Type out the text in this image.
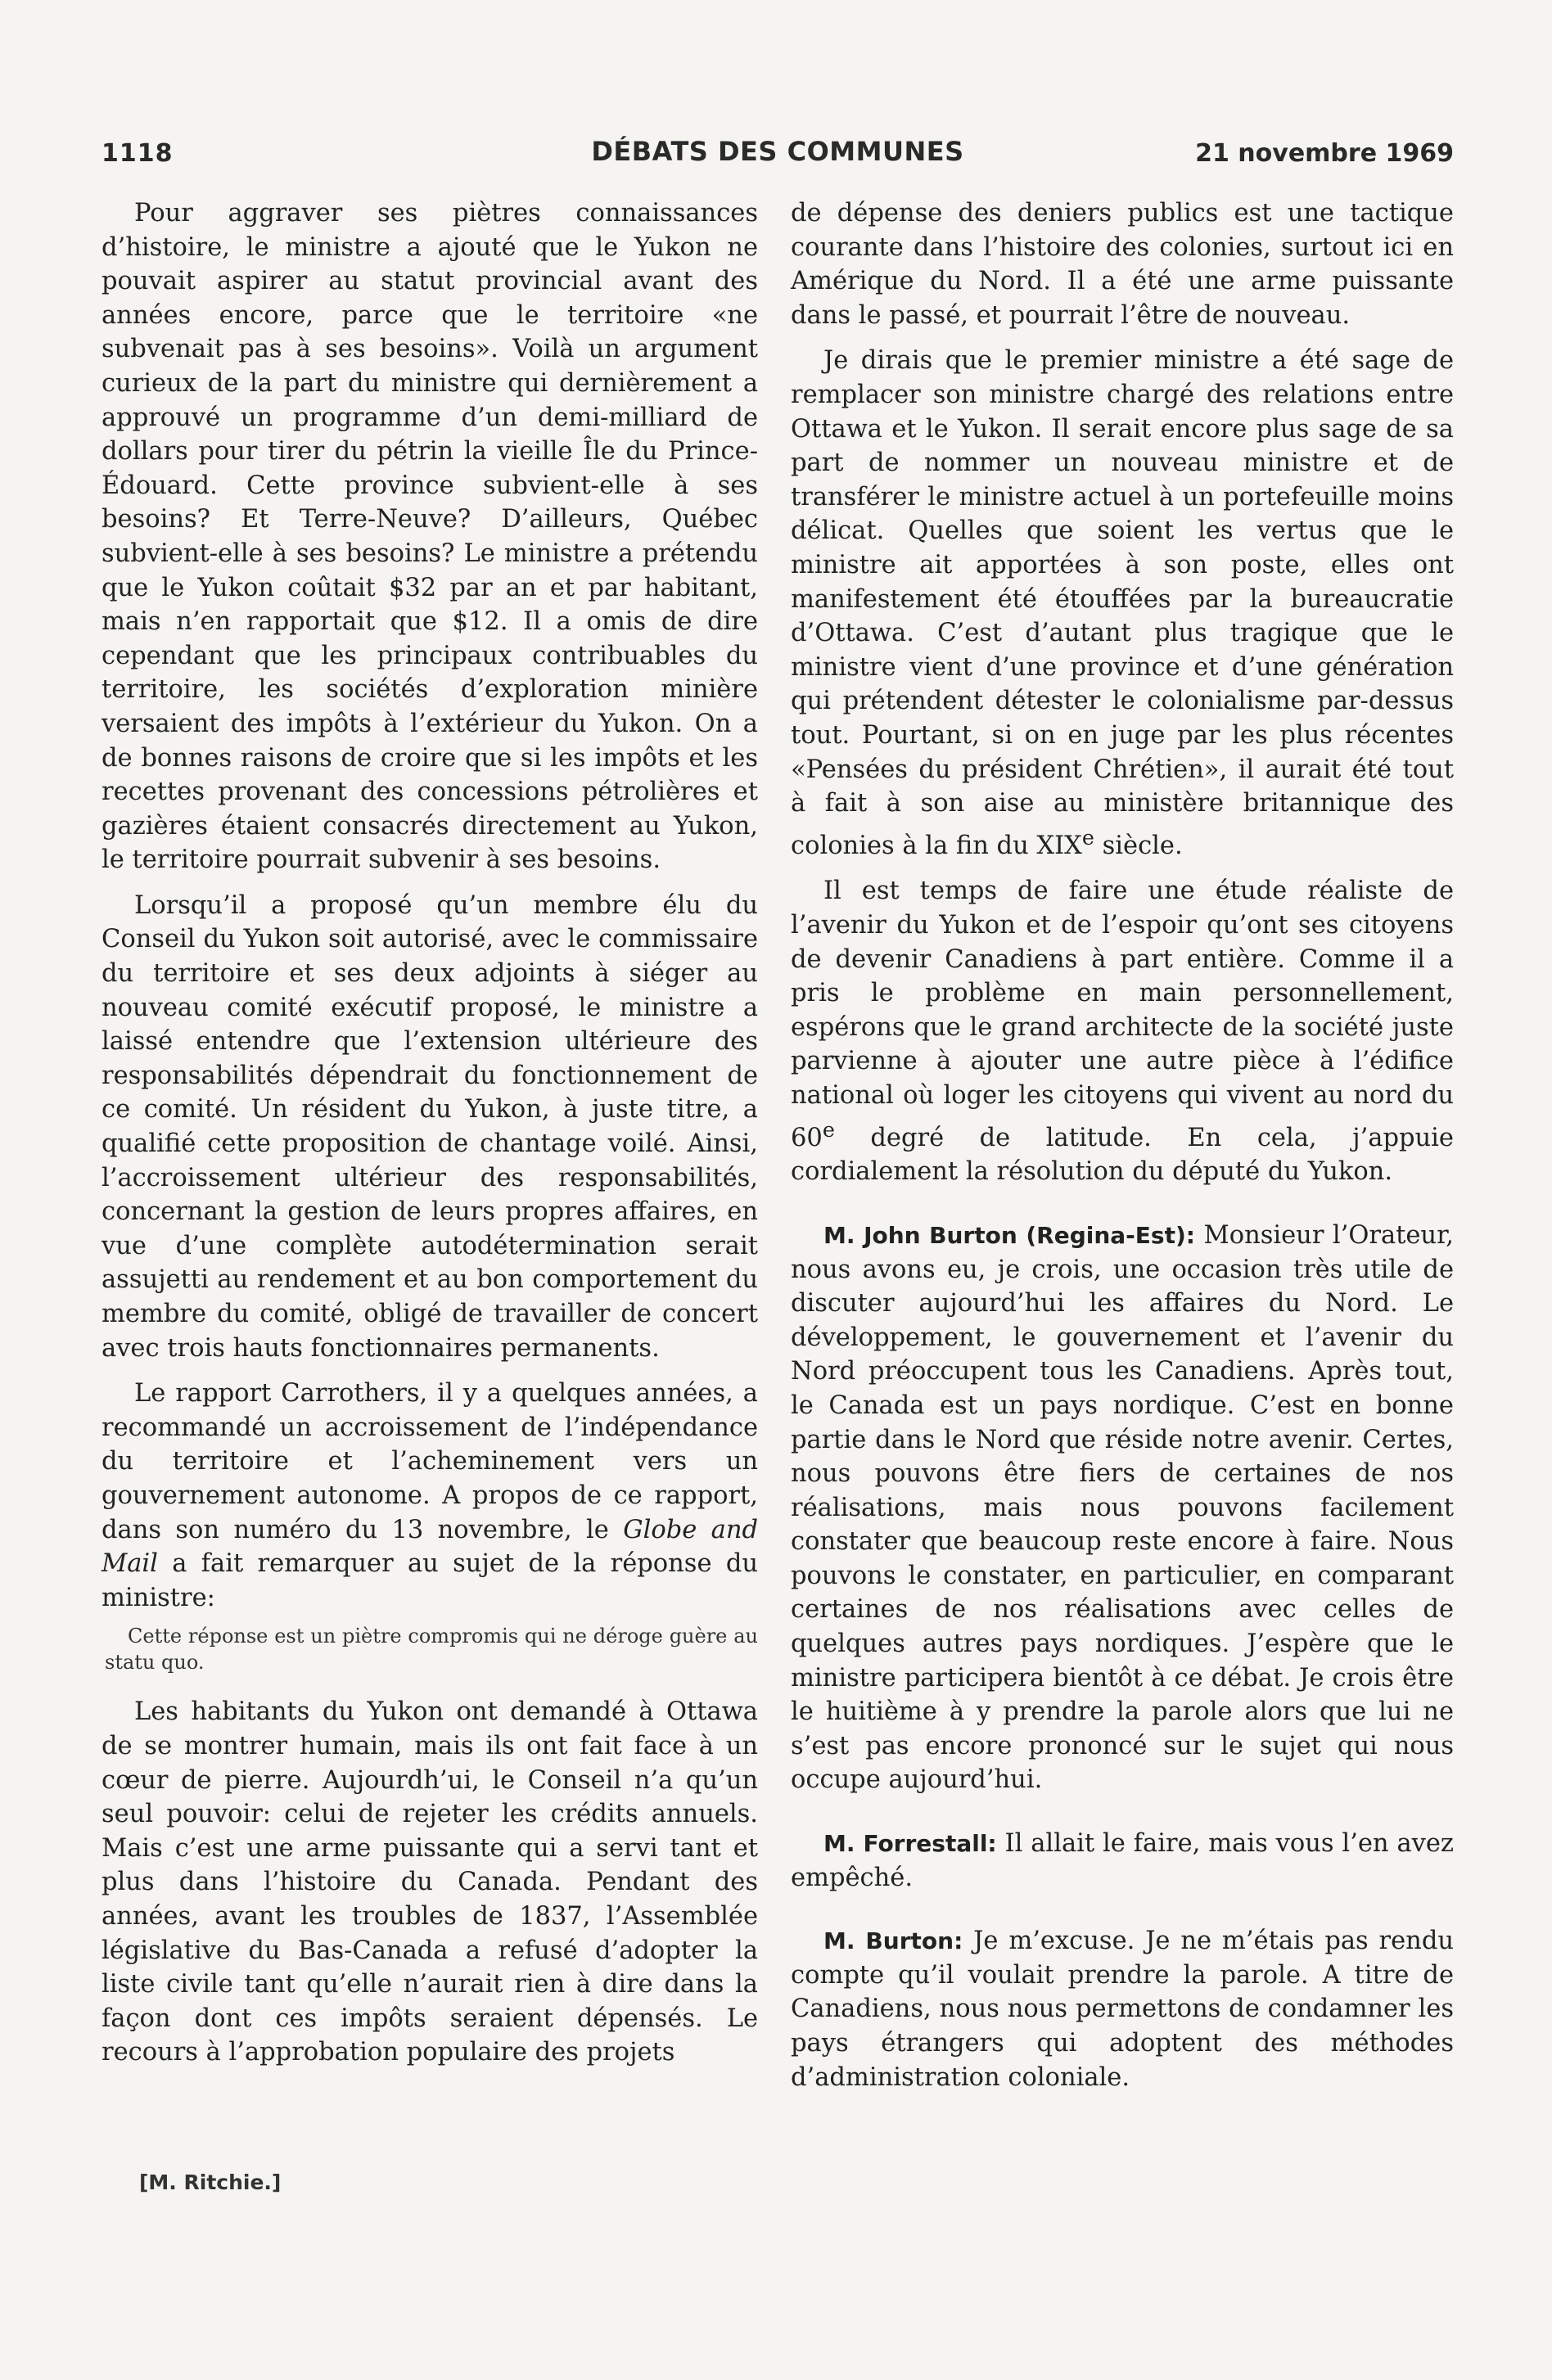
1118	DÉBATS DES COMMUNES	21 novembre 1969

Pour aggraver ses piètres connaissances d’histoire, le ministre a ajouté que le Yukon ne pouvait aspirer au statut provincial avant des années encore, parce que le territoire «ne subvenait pas à ses besoins». Voilà un argument curieux de la part du ministre qui dernièrement a approuvé un programme d’un demi-milliard de dollars pour tirer du pétrin la vieille Île du Prince-Édouard. Cette province subvient-elle à ses besoins? Et Terre-Neuve? D’ailleurs, Québec subvient-elle à ses besoins? Le ministre a prétendu que le Yukon coûtait $32 par an et par habitant, mais n’en rapportait que $12. Il a omis de dire cependant que les principaux contribuables du territoire, les sociétés d’exploration minière versaient des impôts à l’extérieur du Yukon. On a de bonnes raisons de croire que si les impôts et les recettes provenant des concessions pétrolières et gazières étaient consacrés directement au Yukon, le territoire pourrait subvenir à ses besoins.

Lorsqu’il a proposé qu’un membre élu du Conseil du Yukon soit autorisé, avec le commissaire du territoire et ses deux adjoints à siéger au nouveau comité exécutif proposé, le ministre a laissé entendre que l’extension ultérieure des responsabilités dépendrait du fonctionnement de ce comité. Un résident du Yukon, à juste titre, a qualifié cette proposition de chantage voilé. Ainsi, l’accroissement ultérieur des responsabilités, concernant la gestion de leurs propres affaires, en vue d’une complète autodétermination serait assujetti au rendement et au bon comportement du membre du comité, obligé de travailler de concert avec trois hauts fonctionnaires permanents.

Le rapport Carrothers, il y a quelques années, a recommandé un accroissement de l’indépendance du territoire et l’acheminement vers un gouvernement autonome. A propos de ce rapport, dans son numéro du 13 novembre, le Globe and Mail a fait remarquer au sujet de la réponse du ministre:

Cette réponse est un piètre compromis qui ne déroge guère au statu quo.

Les habitants du Yukon ont demandé à Ottawa de se montrer humain, mais ils ont fait face à un cœur de pierre. Aujourdh’ui, le Conseil n’a qu’un seul pouvoir: celui de rejeter les crédits annuels. Mais c’est une arme puissante qui a servi tant et plus dans l’histoire du Canada. Pendant des années, avant les troubles de 1837, l’Assemblée législative du Bas-Canada a refusé d’adopter la liste civile tant qu’elle n’aurait rien à dire dans la façon dont ces impôts seraient dépensés. Le recours à l’approbation populaire des projets

[M. Ritchie.]

de dépense des deniers publics est une tactique courante dans l’histoire des colonies, surtout ici en Amérique du Nord. Il a été une arme puissante dans le passé, et pourrait l’être de nouveau.

Je dirais que le premier ministre a été sage de remplacer son ministre chargé des relations entre Ottawa et le Yukon. Il serait encore plus sage de sa part de nommer un nouveau ministre et de transférer le ministre actuel à un portefeuille moins délicat. Quelles que soient les vertus que le ministre ait apportées à son poste, elles ont manifestement été étouffées par la bureaucratie d’Ottawa. C’est d’autant plus tragique que le ministre vient d’une province et d’une génération qui prétendent détester le colonialisme par-dessus tout. Pourtant, si on en juge par les plus récentes «Pensées du président Chrétien», il aurait été tout à fait à son aise au ministère britannique des colonies à la fin du XIXe siècle.

Il est temps de faire une étude réaliste de l’avenir du Yukon et de l’espoir qu’ont ses citoyens de devenir Canadiens à part entière. Comme il a pris le problème en main personnellement, espérons que le grand architecte de la société juste parvienne à ajouter une autre pièce à l’édifice national où loger les citoyens qui vivent au nord du 60e degré de latitude. En cela, j’appuie cordialement la résolution du député du Yukon.

M. John Burton (Regina-Est): Monsieur l’Orateur, nous avons eu, je crois, une occasion très utile de discuter aujourd’hui les affaires du Nord. Le développement, le gouvernement et l’avenir du Nord préoccupent tous les Canadiens. Après tout, le Canada est un pays nordique. C’est en bonne partie dans le Nord que réside notre avenir. Certes, nous pouvons être fiers de certaines de nos réalisations, mais nous pouvons facilement constater que beaucoup reste encore à faire. Nous pouvons le constater, en particulier, en comparant certaines de nos réalisations avec celles de quelques autres pays nordiques. J’espère que le ministre participera bientôt à ce débat. Je crois être le huitième à y prendre la parole alors que lui ne s’est pas encore prononcé sur le sujet qui nous occupe aujourd’hui.

M. Forrestall: Il allait le faire, mais vous l’en avez empêché.

M. Burton: Je m’excuse. Je ne m’étais pas rendu compte qu’il voulait prendre la parole. A titre de Canadiens, nous nous permettons de condamner les pays étrangers qui adoptent des méthodes d’administration coloniale.
